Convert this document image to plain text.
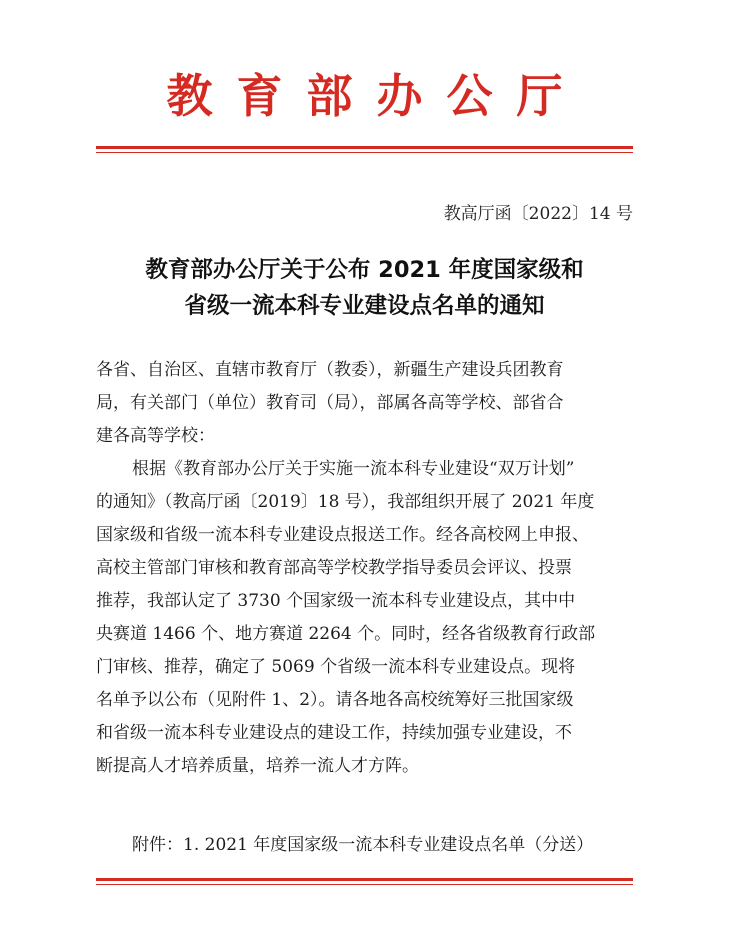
教育部办公厅
教高厅函〔2022〕14 号
教育部办公厅关于公布 2021 年度国家级和
省级一流本科专业建设点名单的通知
各省、自治区、直辖市教育厅（教委），新疆生产建设兵团教育
局，有关部门（单位）教育司（局），部属各高等学校、部省合
建各高等学校：
根据《教育部办公厅关于实施一流本科专业建设“双万计划”
的通知》（教高厅函〔2019〕18 号），我部组织开展了 2021 年度
国家级和省级一流本科专业建设点报送工作。经各高校网上申报、
高校主管部门审核和教育部高等学校教学指导委员会评议、投票
推荐，我部认定了 3730 个国家级一流本科专业建设点，其中中
央赛道 1466 个、地方赛道 2264 个。同时，经各省级教育行政部
门审核、推荐，确定了 5069 个省级一流本科专业建设点。现将
名单予以公布（见附件 1、2）。请各地各高校统筹好三批国家级
和省级一流本科专业建设点的建设工作，持续加强专业建设，不
断提高人才培养质量，培养一流人才方阵。
附件：1. 2021 年度国家级一流本科专业建设点名单（分送）
